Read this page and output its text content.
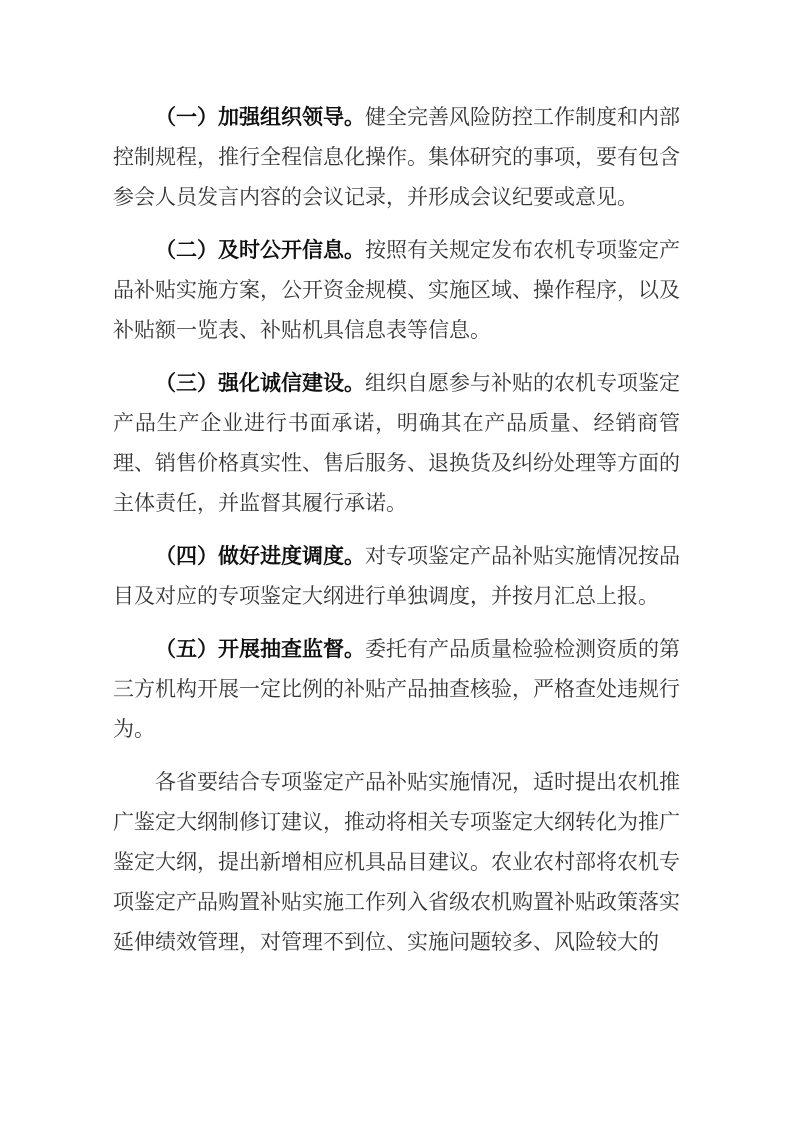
（一）加强组织领导。健全完善风险防控工作制度和内部控制规程，推行全程信息化操作。集体研究的事项，要有包含参会人员发言内容的会议记录，并形成会议纪要或意见。

（二）及时公开信息。按照有关规定发布农机专项鉴定产品补贴实施方案，公开资金规模、实施区域、操作程序，以及补贴额一览表、补贴机具信息表等信息。

（三）强化诚信建设。组织自愿参与补贴的农机专项鉴定产品生产企业进行书面承诺，明确其在产品质量、经销商管理、销售价格真实性、售后服务、退换货及纠纷处理等方面的主体责任，并监督其履行承诺。

（四）做好进度调度。对专项鉴定产品补贴实施情况按品目及对应的专项鉴定大纲进行单独调度，并按月汇总上报。

（五）开展抽查监督。委托有产品质量检验检测资质的第三方机构开展一定比例的补贴产品抽查核验，严格查处违规行为。

各省要结合专项鉴定产品补贴实施情况，适时提出农机推广鉴定大纲制修订建议，推动将相关专项鉴定大纲转化为推广鉴定大纲，提出新增相应机具品目建议。农业农村部将农机专项鉴定产品购置补贴实施工作列入省级农机购置补贴政策落实延伸绩效管理，对管理不到位、实施问题较多、风险较大的
